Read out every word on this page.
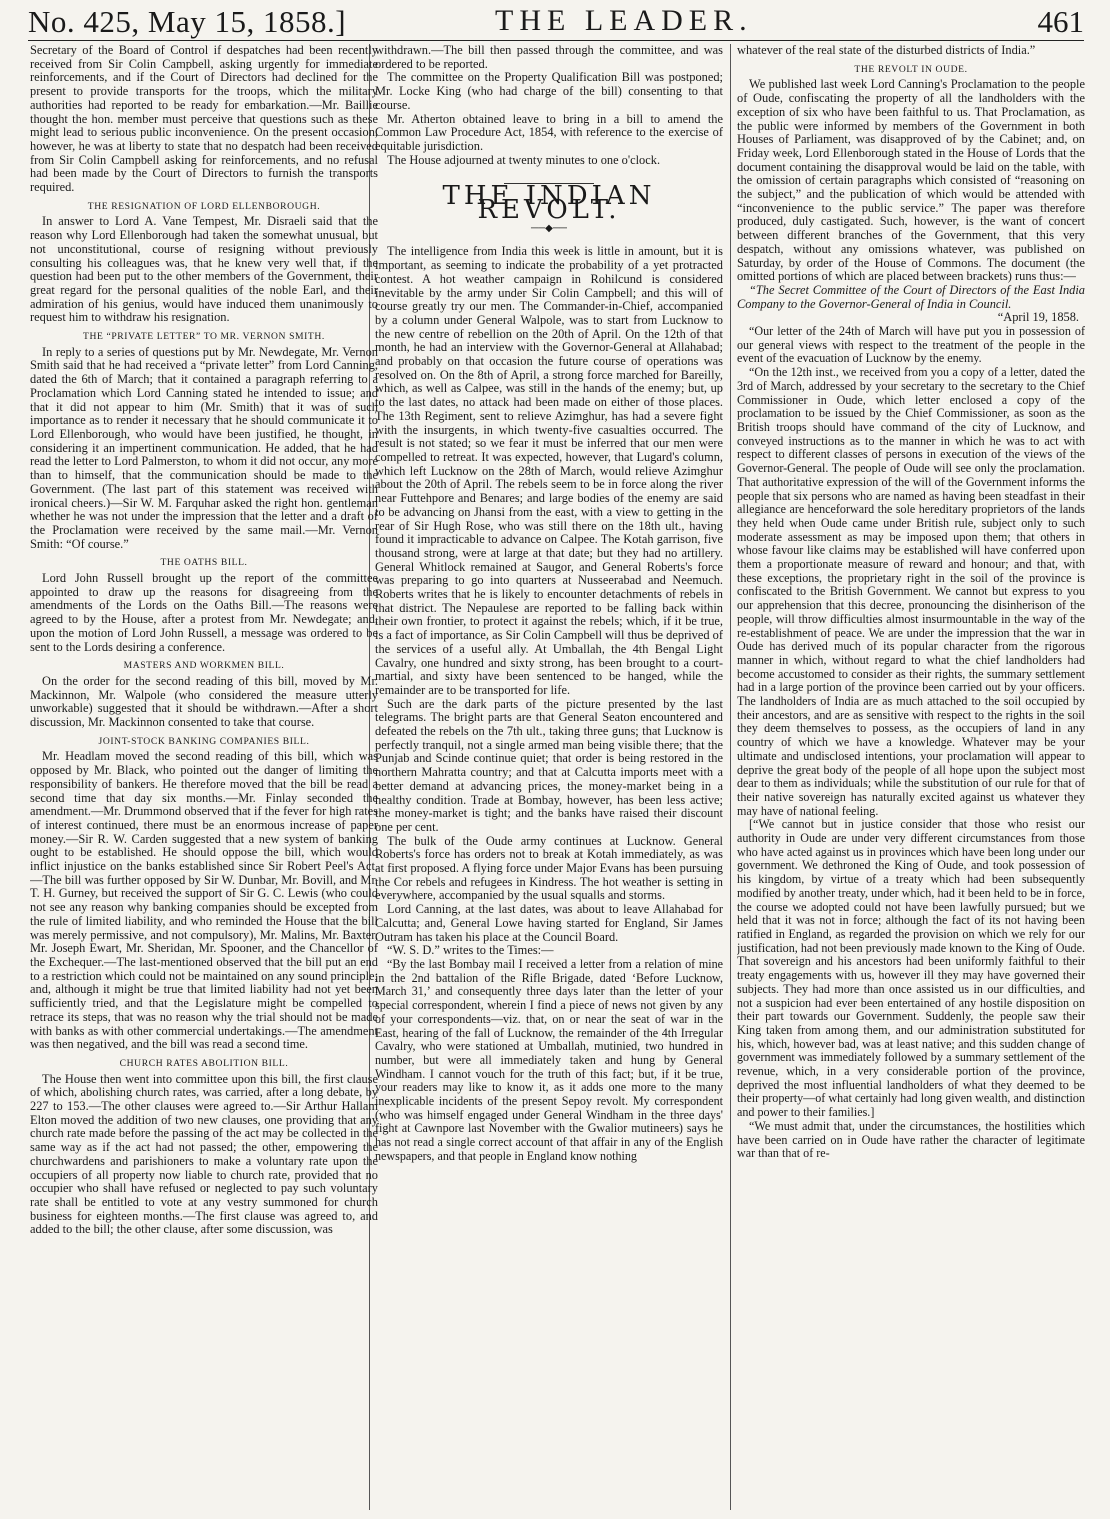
No. 425, May 15, 1858.]	THE LEADER.	461

Secretary of the Board of Control if despatches had been recently received from Sir Colin Campbell, asking urgently for immediate reinforcements, and if the Court of Directors had declined for the present to provide transports for the troops, which the military authorities had reported to be ready for embarkation.—Mr. Baillie thought the hon. member must perceive that questions such as these might lead to serious public inconvenience. On the present occasion, however, he was at liberty to state that no despatch had been received from Sir Colin Campbell asking for reinforcements, and no refusal had been made by the Court of Directors to furnish the transports required.

THE RESIGNATION OF LORD ELLENBOROUGH.

In answer to Lord A. Vane Tempest, Mr. Disraeli said that the reason why Lord Ellenborough had taken the somewhat unusual, but not unconstitutional, course of resigning without previously consulting his colleagues was, that he knew very well that, if the question had been put to the other members of the Government, their great regard for the personal qualities of the noble Earl, and their admiration of his genius, would have induced them unanimously to request him to withdraw his resignation.

THE “PRIVATE LETTER” TO MR. VERNON SMITH.

In reply to a series of questions put by Mr. Newdegate, Mr. Vernon Smith said that he had received a “private letter” from Lord Canning, dated the 6th of March; that it contained a paragraph referring to a Proclamation which Lord Canning stated he intended to issue; and that it did not appear to him (Mr. Smith) that it was of such importance as to render it necessary that he should communicate it to Lord Ellenborough, who would have been justified, he thought, in considering it an impertinent communication. He added, that he had read the letter to Lord Palmerston, to whom it did not occur, any more than to himself, that the communication should be made to the Government. (The last part of this statement was received with ironical cheers.)—Sir W. M. Farquhar asked the right hon. gentleman whether he was not under the impression that the letter and a draft of the Proclamation were received by the same mail.—Mr. Vernon Smith: “Of course.”

THE OATHS BILL.

Lord John Russell brought up the report of the committee appointed to draw up the reasons for disagreeing from the amendments of the Lords on the Oaths Bill.—The reasons were agreed to by the House, after a protest from Mr. Newdegate; and, upon the motion of Lord John Russell, a message was ordered to be sent to the Lords desiring a conference.

MASTERS AND WORKMEN BILL.

On the order for the second reading of this bill, moved by Mr. Mackinnon, Mr. Walpole (who considered the measure utterly unworkable) suggested that it should be withdrawn.—After a short discussion, Mr. Mackinnon consented to take that course.

JOINT-STOCK BANKING COMPANIES BILL.

Mr. Headlam moved the second reading of this bill, which was opposed by Mr. Black, who pointed out the danger of limiting the responsibility of bankers. He therefore moved that the bill be read a second time that day six months.—Mr. Finlay seconded the amendment.—Mr. Drummond observed that if the fever for high rates of interest continued, there must be an enormous increase of paper money.—Sir R. W. Carden suggested that a new system of banking ought to be established. He should oppose the bill, which would inflict injustice on the banks established since Sir Robert Peel's Act.—The bill was further opposed by Sir W. Dunbar, Mr. Bovill, and Mr. T. H. Gurney, but received the support of Sir G. C. Lewis (who could not see any reason why banking companies should be excepted from the rule of limited liability, and who reminded the House that the bill was merely permissive, and not compulsory), Mr. Malins, Mr. Baxter, Mr. Joseph Ewart, Mr. Sheridan, Mr. Spooner, and the Chancellor of the Exchequer.—The last-mentioned observed that the bill put an end to a restriction which could not be maintained on any sound principle; and, although it might be true that limited liability had not yet been sufficiently tried, and that the Legislature might be compelled to retrace its steps, that was no reason why the trial should not be made with banks as with other commercial undertakings.—The amendment was then negatived, and the bill was read a second time.

CHURCH RATES ABOLITION BILL.

The House then went into committee upon this bill, the first clause of which, abolishing church rates, was carried, after a long debate, by 227 to 153.—The other clauses were agreed to.—Sir Arthur Hallam Elton moved the addition of two new clauses, one providing that any church rate made before the passing of the act may be collected in the same way as if the act had not passed; the other, empowering the churchwardens and parishioners to make a voluntary rate upon the occupiers of all property now liable to church rate, provided that no occupier who shall have refused or neglected to pay such voluntary rate shall be entitled to vote at any vestry summoned for church business for eighteen months.—The first clause was agreed to, and added to the bill; the other clause, after some discussion, was

withdrawn.—The bill then passed through the committee, and was ordered to be reported.

The committee on the Property Qualification Bill was postponed; Mr. Locke King (who had charge of the bill) consenting to that course.

Mr. Atherton obtained leave to bring in a bill to amend the Common Law Procedure Act, 1854, with reference to the exercise of equitable jurisdiction.

The House adjourned at twenty minutes to one o'clock.

THE INDIAN REVOLT.
──◆──

The intelligence from India this week is little in amount, but it is important, as seeming to indicate the probability of a yet protracted contest. A hot weather campaign in Rohilcund is considered inevitable by the army under Sir Colin Campbell; and this will of course greatly try our men. The Commander-in-Chief, accompanied by a column under General Walpole, was to start from Lucknow to the new centre of rebellion on the 20th of April. On the 12th of that month, he had an interview with the Governor-General at Allahabad; and probably on that occasion the future course of operations was resolved on. On the 8th of April, a strong force marched for Bareilly, which, as well as Calpee, was still in the hands of the enemy; but, up to the last dates, no attack had been made on either of those places. The 13th Regiment, sent to relieve Azimghur, has had a severe fight with the insurgents, in which twenty-five casualties occurred. The result is not stated; so we fear it must be inferred that our men were compelled to retreat. It was expected, however, that Lugard's column, which left Lucknow on the 28th of March, would relieve Azimghur about the 20th of April. The rebels seem to be in force along the river near Futtehpore and Benares; and large bodies of the enemy are said to be advancing on Jhansi from the east, with a view to getting in the rear of Sir Hugh Rose, who was still there on the 18th ult., having found it impracticable to advance on Calpee. The Kotah garrison, five thousand strong, were at large at that date; but they had no artillery. General Whitlock remained at Saugor, and General Roberts's force was preparing to go into quarters at Nusseerabad and Neemuch. Roberts writes that he is likely to encounter detachments of rebels in that district. The Nepaulese are reported to be falling back within their own frontier, to protect it against the rebels; which, if it be true, is a fact of importance, as Sir Colin Campbell will thus be deprived of the services of a useful ally. At Umballah, the 4th Bengal Light Cavalry, one hundred and sixty strong, has been brought to a court-martial, and sixty have been sentenced to be hanged, while the remainder are to be transported for life.

Such are the dark parts of the picture presented by the last telegrams. The bright parts are that General Seaton encountered and defeated the rebels on the 7th ult., taking three guns; that Lucknow is perfectly tranquil, not a single armed man being visible there; that the Punjab and Scinde continue quiet; that order is being restored in the northern Mahratta country; and that at Calcutta imports meet with a better demand at advancing prices, the money-market being in a healthy condition. Trade at Bombay, however, has been less active; the money-market is tight; and the banks have raised their discount one per cent.

The bulk of the Oude army continues at Lucknow. General Roberts's force has orders not to break at Kotah immediately, as was at first proposed. A flying force under Major Evans has been pursuing the Cor rebels and refugees in Kindress. The hot weather is setting in everywhere, accompanied by the usual squalls and storms.

Lord Canning, at the last dates, was about to leave Allahabad for Calcutta; and, General Lowe having started for England, Sir James Outram has taken his place at the Council Board.

“W. S. D.” writes to the Times:—

“By the last Bombay mail I received a letter from a relation of mine in the 2nd battalion of the Rifle Brigade, dated ‘Before Lucknow, March 31,’ and consequently three days later than the letter of your special correspondent, wherein I find a piece of news not given by any of your correspondents—viz. that, on or near the seat of war in the East, hearing of the fall of Lucknow, the remainder of the 4th Irregular Cavalry, who were stationed at Umballah, mutinied, two hundred in number, but were all immediately taken and hung by General Windham. I cannot vouch for the truth of this fact; but, if it be true, your readers may like to know it, as it adds one more to the many inexplicable incidents of the present Sepoy revolt. My correspondent (who was himself engaged under General Windham in the three days' fight at Cawnpore last November with the Gwalior mutineers) says he has not read a single correct account of that affair in any of the English newspapers, and that people in England know nothing

whatever of the real state of the disturbed districts of India.”

THE REVOLT IN OUDE.

We published last week Lord Canning's Proclamation to the people of Oude, confiscating the property of all the landholders with the exception of six who have been faithful to us. That Proclamation, as the public were informed by members of the Government in both Houses of Parliament, was disapproved of by the Cabinet; and, on Friday week, Lord Ellenborough stated in the House of Lords that the document containing the disapproval would be laid on the table, with the omission of certain paragraphs which consisted of “reasoning on the subject,” and the publication of which would be attended with “inconvenience to the public service.” The paper was therefore produced, duly castigated. Such, however, is the want of concert between different branches of the Government, that this very despatch, without any omissions whatever, was published on Saturday, by order of the House of Commons. The document (the omitted portions of which are placed between brackets) runs thus:—

“The Secret Committee of the Court of Directors of the East India Company to the Governor-General of India in Council.

“April 19, 1858.

“Our letter of the 24th of March will have put you in possession of our general views with respect to the treatment of the people in the event of the evacuation of Lucknow by the enemy.

“On the 12th inst., we received from you a copy of a letter, dated the 3rd of March, addressed by your secretary to the secretary to the Chief Commissioner in Oude, which letter enclosed a copy of the proclamation to be issued by the Chief Commissioner, as soon as the British troops should have command of the city of Lucknow, and conveyed instructions as to the manner in which he was to act with respect to different classes of persons in execution of the views of the Governor-General. The people of Oude will see only the proclamation. That authoritative expression of the will of the Government informs the people that six persons who are named as having been steadfast in their allegiance are henceforward the sole hereditary proprietors of the lands they held when Oude came under British rule, subject only to such moderate assessment as may be imposed upon them; that others in whose favour like claims may be established will have conferred upon them a proportionate measure of reward and honour; and that, with these exceptions, the proprietary right in the soil of the province is confiscated to the British Government. We cannot but express to you our apprehension that this decree, pronouncing the disinherison of the people, will throw difficulties almost insurmountable in the way of the re-establishment of peace. We are under the impression that the war in Oude has derived much of its popular character from the rigorous manner in which, without regard to what the chief landholders had become accustomed to consider as their rights, the summary settlement had in a large portion of the province been carried out by your officers. The landholders of India are as much attached to the soil occupied by their ancestors, and are as sensitive with respect to the rights in the soil they deem themselves to possess, as the occupiers of land in any country of which we have a knowledge. Whatever may be your ultimate and undisclosed intentions, your proclamation will appear to deprive the great body of the people of all hope upon the subject most dear to them as individuals; while the substitution of our rule for that of their native sovereign has naturally excited against us whatever they may have of national feeling.

[“We cannot but in justice consider that those who resist our authority in Oude are under very different circumstances from those who have acted against us in provinces which have been long under our government. We dethroned the King of Oude, and took possession of his kingdom, by virtue of a treaty which had been subsequently modified by another treaty, under which, had it been held to be in force, the course we adopted could not have been lawfully pursued; but we held that it was not in force; although the fact of its not having been ratified in England, as regarded the provision on which we rely for our justification, had not been previously made known to the King of Oude. That sovereign and his ancestors had been uniformly faithful to their treaty engagements with us, however ill they may have governed their subjects. They had more than once assisted us in our difficulties, and not a suspicion had ever been entertained of any hostile disposition on their part towards our Government. Suddenly, the people saw their King taken from among them, and our administration substituted for his, which, however bad, was at least native; and this sudden change of government was immediately followed by a summary settlement of the revenue, which, in a very considerable portion of the province, deprived the most influential landholders of what they deemed to be their property—of what certainly had long given wealth, and distinction and power to their families.]

“We must admit that, under the circumstances, the hostilities which have been carried on in Oude have rather the character of legitimate war than that of re-
